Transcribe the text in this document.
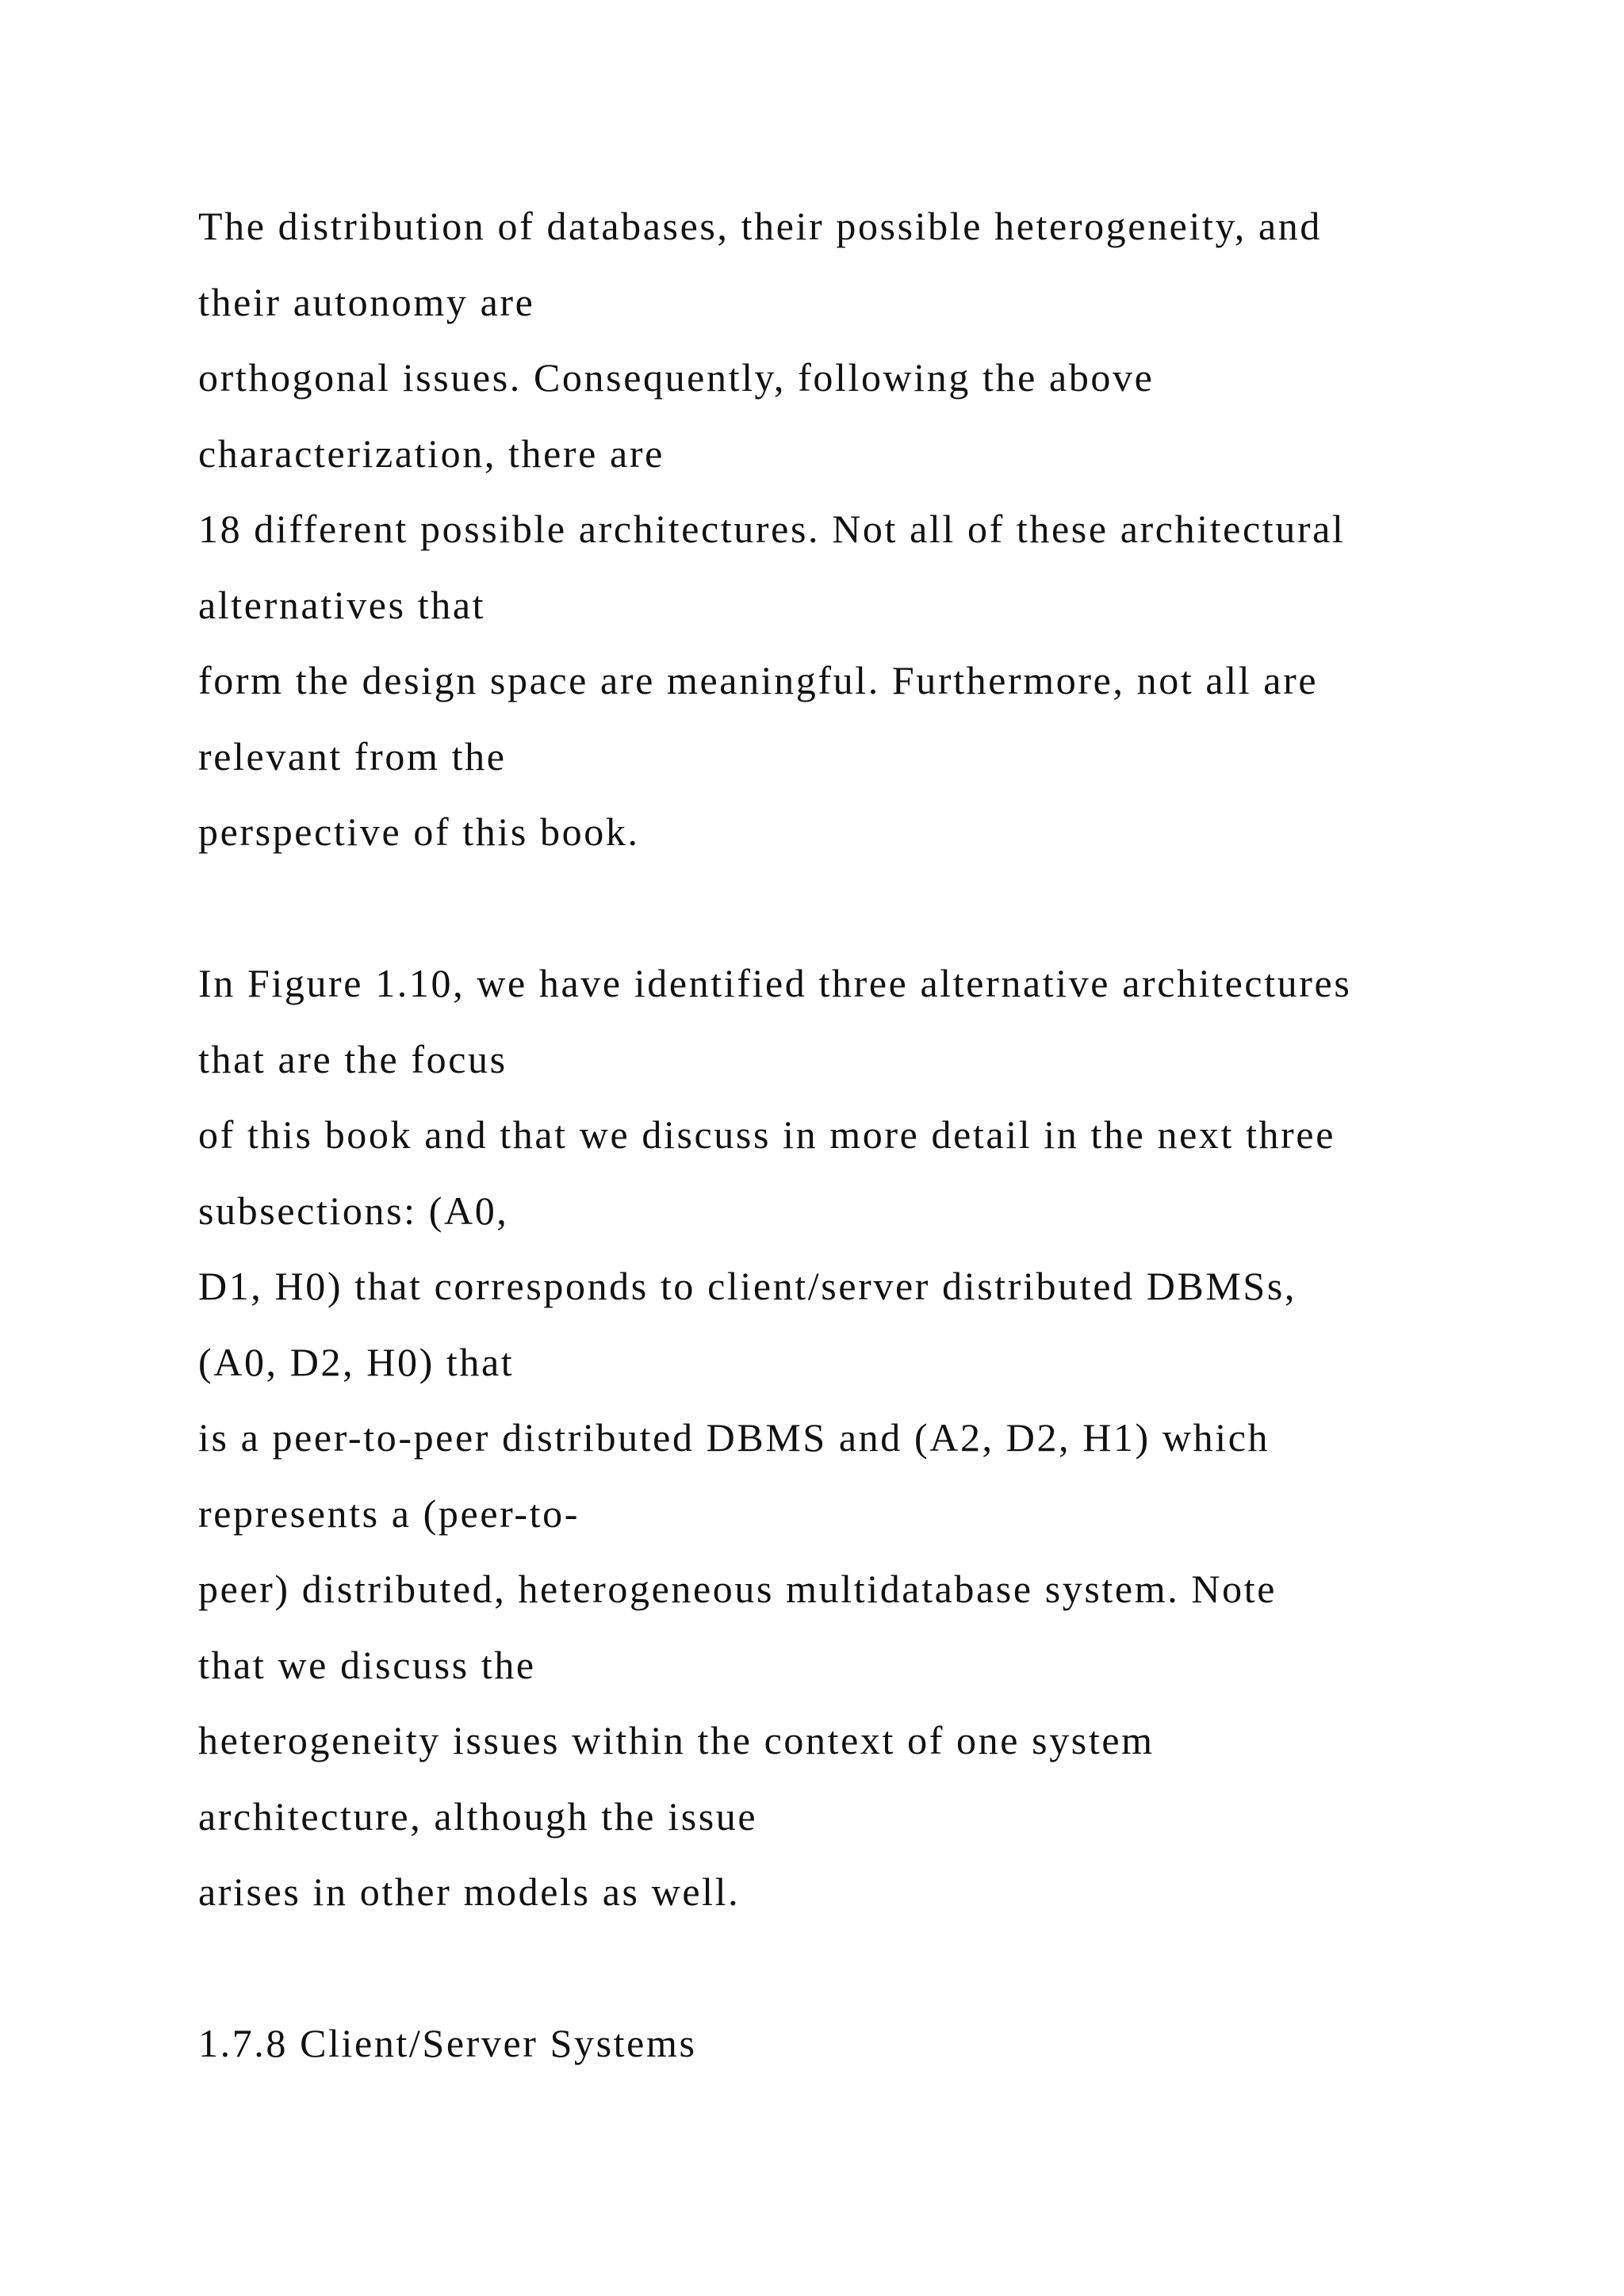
The distribution of databases, their possible heterogeneity, and
their autonomy are
orthogonal issues. Consequently, following the above
characterization, there are
18 different possible architectures. Not all of these architectural
alternatives that
form the design space are meaningful. Furthermore, not all are
relevant from the
perspective of this book.
In Figure 1.10, we have identified three alternative architectures
that are the focus
of this book and that we discuss in more detail in the next three
subsections: (A0,
D1, H0) that corresponds to client/server distributed DBMSs,
(A0, D2, H0) that
is a peer-to-peer distributed DBMS and (A2, D2, H1) which
represents a (peer-to-
peer) distributed, heterogeneous multidatabase system. Note
that we discuss the
heterogeneity issues within the context of one system
architecture, although the issue
arises in other models as well.
1.7.8 Client/Server Systems
